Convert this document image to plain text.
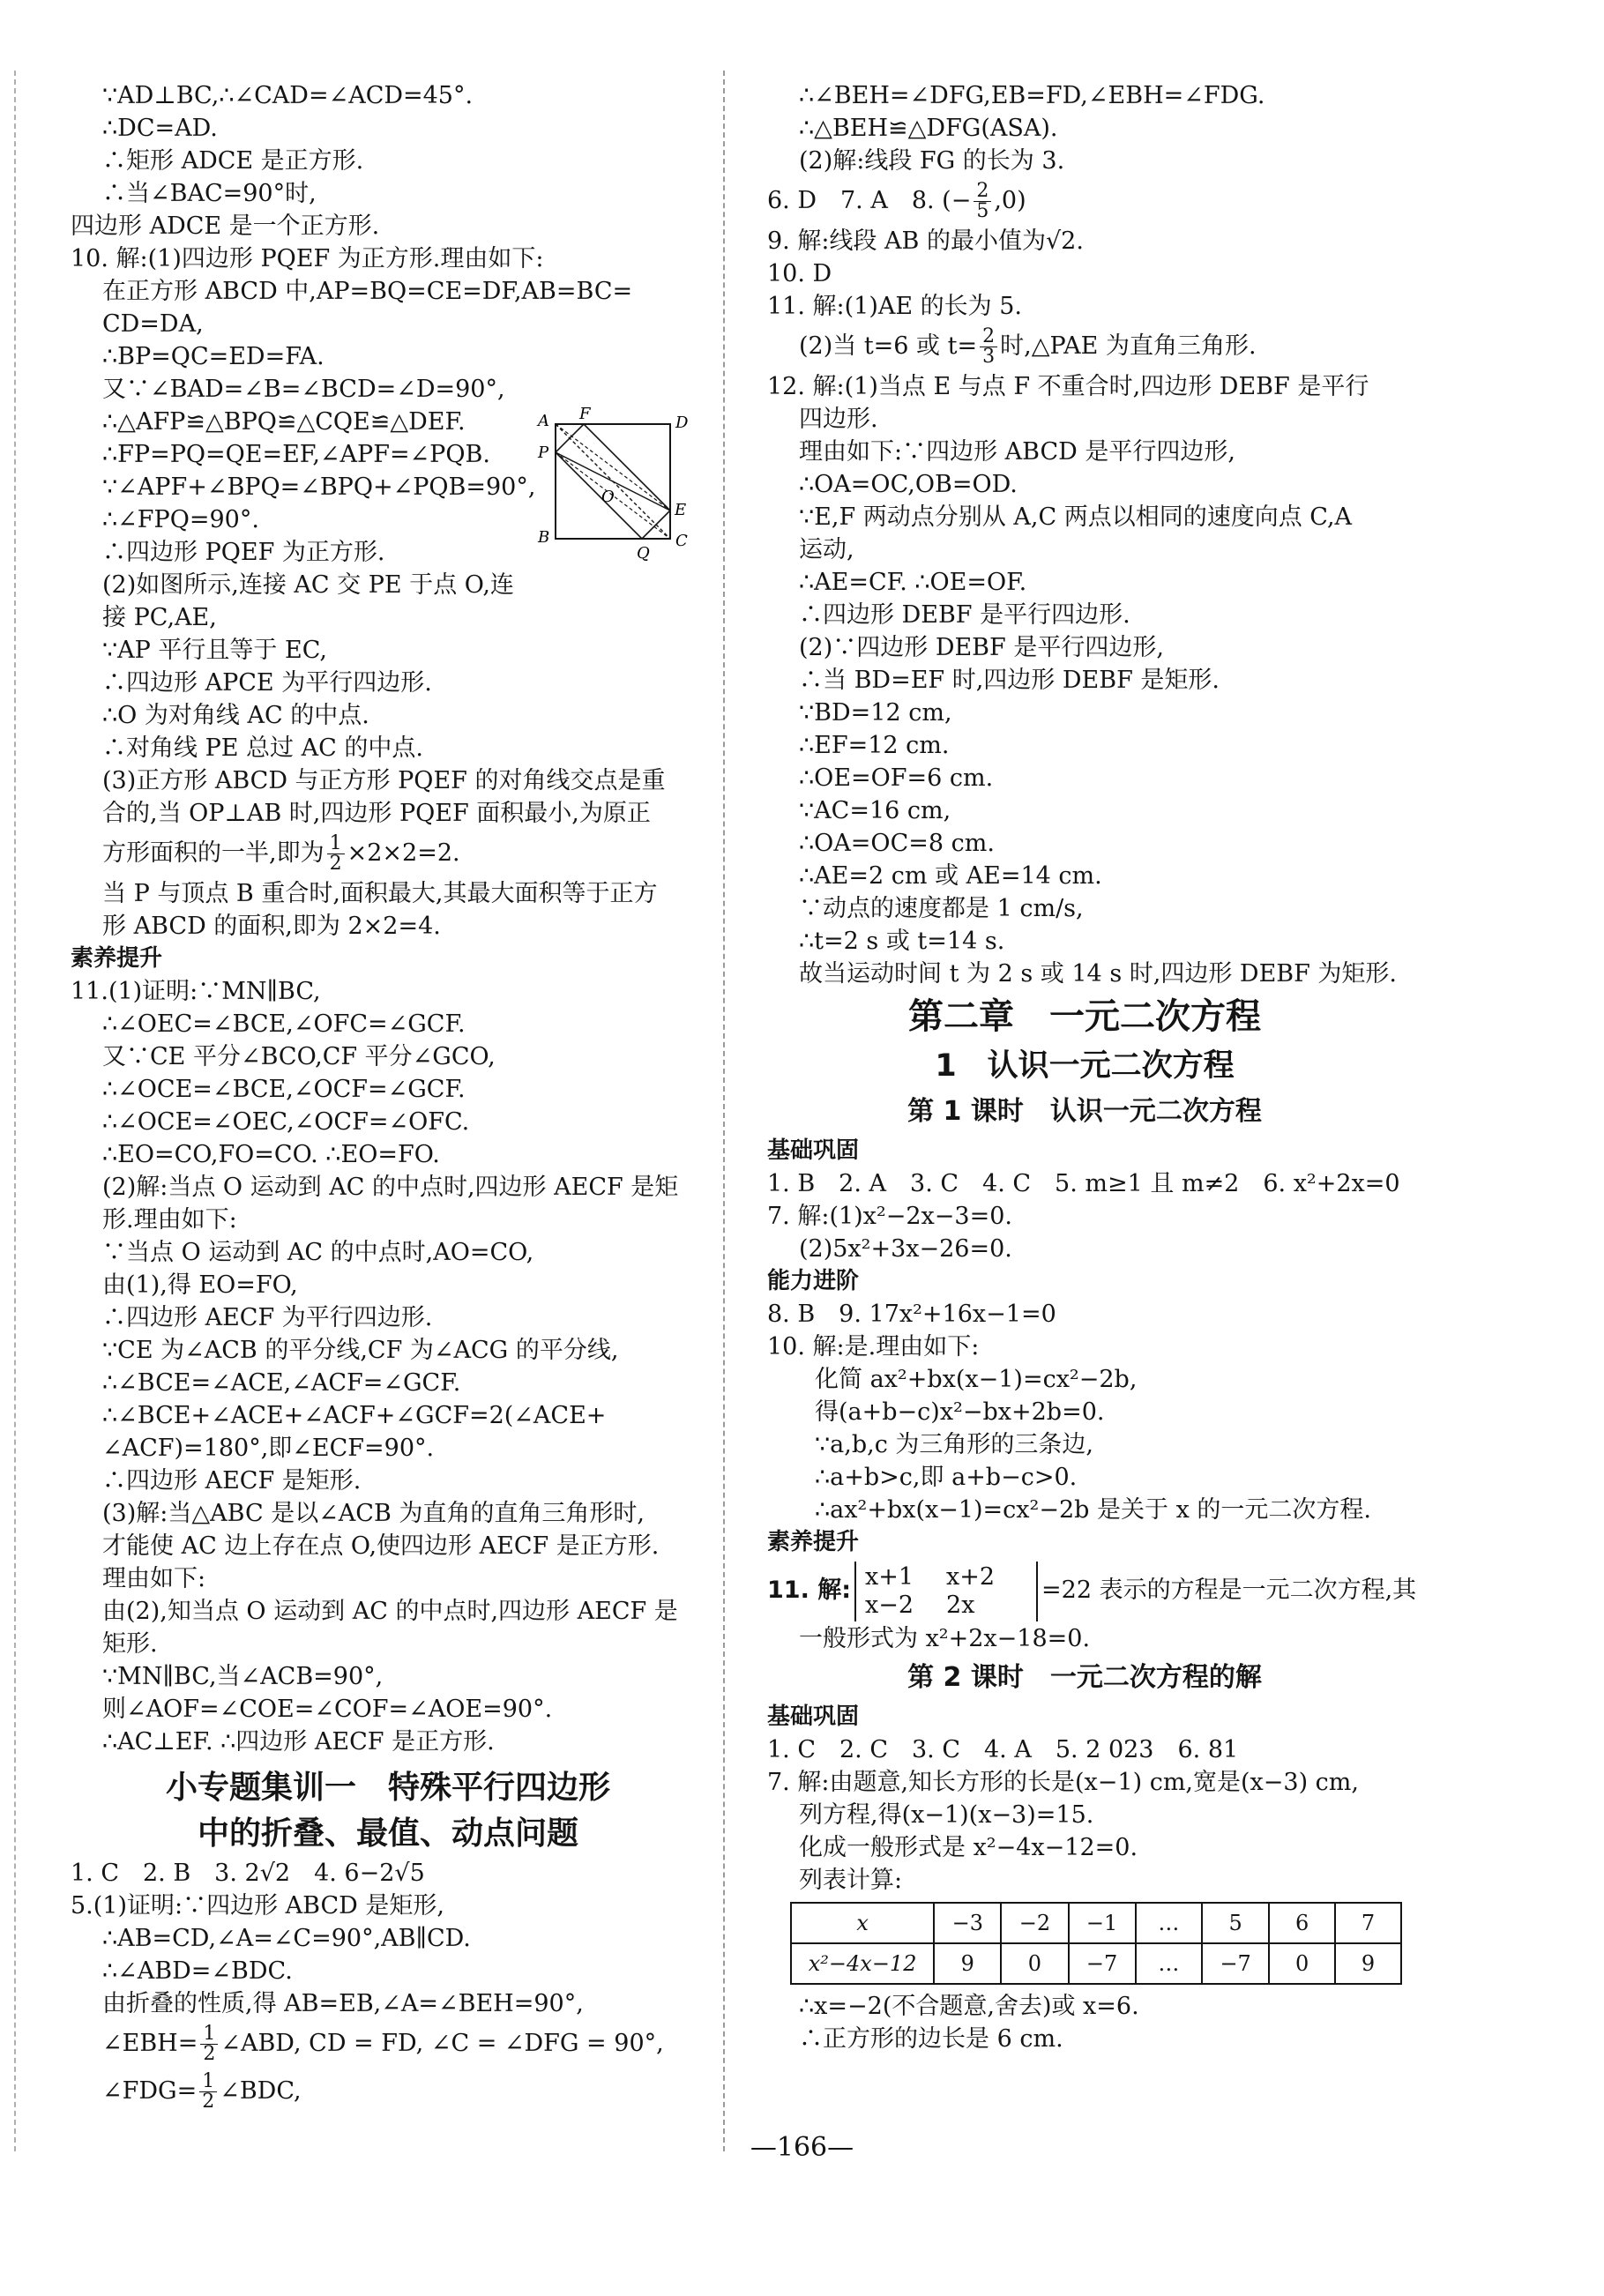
∵AD⊥BC,∴∠CAD=∠ACD=45°.
∴DC=AD.
∴矩形 ADCE 是正方形.
∴当∠BAC=90°时,
四边形 ADCE 是一个正方形.
10. 解:(1)四边形 PQEF 为正方形.理由如下:
在正方形 ABCD 中,AP=BQ=CE=DF,AB=BC=
CD=DA,
∴BP=QC=ED=FA.
又∵∠BAD=∠B=∠BCD=∠D=90°,
∴△AFP≌△BPQ≌△CQE≌△DEF.
∴FP=PQ=QE=EF,∠APF=∠PQB.
∵∠APF+∠BPQ=∠BPQ+∠PQB=90°,
∴∠FPQ=90°.
∴四边形 PQEF 为正方形.
(2)如图所示,连接 AC 交 PE 于点 O,连
接 PC,AE,
∵AP 平行且等于 EC,
∴四边形 APCE 为平行四边形.
∴O 为对角线 AC 的中点.
∴对角线 PE 总过 AC 的中点.
(3)正方形 ABCD 与正方形 PQEF 的对角线交点是重
合的,当 OP⊥AB 时,四边形 PQEF 面积最小,为原正
A F	D
P
O
E
B
Q
C
方形面积的一半,即为 $\frac{1}{2} \times 2\times 2=2$.
当 P 与顶点 B 重合时,面积最大,其最大面积等于正方
形 ABCD 的面积,即为 2×2=4.
素养提升
11.(1)证明:∵MN∥BC,
∴∠OEC=∠BCE,∠OFC=∠GCF.
又∵CE 平分∠BCO,CF 平分∠GCO,
∴∠OCE=∠BCE,∠OCF=∠GCF.
∴∠OCE=∠OEC,∠OCF=∠OFC.
∴EO=CO,FO=CO. ∴EO=FO.
(2)解:当点 O 运动到 AC 的中点时,四边形 AECF 是矩
形.理由如下:
∵当点 O 运动到 AC 的中点时,AO=CO,
由(1),得 EO=FO,
∴四边形 AECF 为平行四边形.
∵CE 为∠ACB 的平分线,CF 为∠ACG 的平分线,
∴∠BCE=∠ACE,∠ACF=∠GCF.
∴∠BCE+∠ACE+∠ACF+∠GCF=2(∠ACE+
∠ACF)=180°,即∠ECF=90°.
∴四边形 AECF 是矩形.
(3)解:当△ABC 是以∠ACB 为直角的直角三角形时,
才能使 AC 边上存在点 O,使四边形 AECF 是正方形.
理由如下:
由(2),知当点 O 运动到 AC 的中点时,四边形 AECF 是
矩形.
∵MN∥BC,当∠ACB=90°,
则∠AOF=∠COE=∠COF=∠AOE=90°.
∴AC⊥EF. ∴四边形 AECF 是正方形.
小专题集训一　特殊平行四边形
中的折叠、最值、动点问题
1. C　2. B　3. 2√2　4. 6−2√5
5.(1)证明:∵四边形 ABCD 是矩形,
∴AB=CD,∠A=∠C=90°,AB∥CD.
∴∠ABD=∠BDC.
由折叠的性质,得 AB=EB,∠A=∠BEH=90°,
∠EBH= $\frac{1}{2}$ ∠ABD, CD = FD, ∠C = ∠DFG = 90°,
∠FDG= $\frac{1}{2}$ ∠BDC,
∴∠BEH=∠DFG,EB=FD,∠EBH=∠FDG.
∴△BEH≌△DFG(ASA).
(2)解:线段 FG 的长为 3.
6. D　7. A　8. (− $\frac{2}{5} ,0$)
9. 解:线段 AB 的最小值为√2.
10. D
11. 解:(1)AE 的长为 5.
(2)当 t=6 或 $t= \frac{2}{3}$ 时,△PAE 为直角三角形.
12. 解:(1)当点 E 与点 F 不重合时,四边形 DEBF 是平行
四边形.
理由如下:∵四边形 ABCD 是平行四边形,
∴OA=OC,OB=OD.
∵E,F 两动点分别从 A,C 两点以相同的速度向点 C,A
运动,
∴AE=CF. ∴OE=OF.
∴四边形 DEBF 是平行四边形.
(2)∵四边形 DEBF 是平行四边形,
∴当 BD=EF 时,四边形 DEBF 是矩形.
∵BD=12 cm,
∴EF=12 cm.
∴OE=OF=6 cm.
∵AC=16 cm,
∴OA=OC=8 cm.
∴AE=2 cm 或 AE=14 cm.
∵动点的速度都是 1 cm/s,
∴t=2 s 或 t=14 s.
故当运动时间 t 为 2 s 或 14 s 时,四边形 DEBF 为矩形.
第二章　一元二次方程
1　认识一元二次方程
第 1 课时　认识一元二次方程
基础巩固
1. B　2. A　3. C　4. C　5. m≥1 且 m≠2　6. x²+2x=0
7. 解:(1)x²−2x−3=0.
(2)5x²+3x−26=0.
能力进阶
8. B　9. 17x²+16x−1=0
10. 解:是.理由如下:
化简 ax²+bx(x−1)=cx²−2b,
得(a+b−c)x²−bx+2b=0.
∵a,b,c 为三角形的三条边,
∴a+b>c,即 a+b−c>0.
∴ax²+bx(x−1)=cx²−2b 是关于 x 的一元二次方程.
素养提升
11. 解: x+1 x+2
x−2 2x=22 表示的方程是一元二次方程,其
一般形式为 x²+2x−18=0.
第 2 课时　一元二次方程的解
基础巩固
1. C　2. C　3. C　4. A　5. 2 023　6. 81
7. 解:由题意,知长方形的长是(x−1) cm,宽是(x−3) cm,
列方程,得(x−1)(x−3)=15.
化成一般形式是 x²−4x−12=0.
列表计算:
x	−3	−2	−1	…	5	6	7
x²−4x−12	9	0	−7	…	−7	0	9
∴x=−2(不合题意,舍去)或 x=6.
∴正方形的边长是 6 cm.
—166—
